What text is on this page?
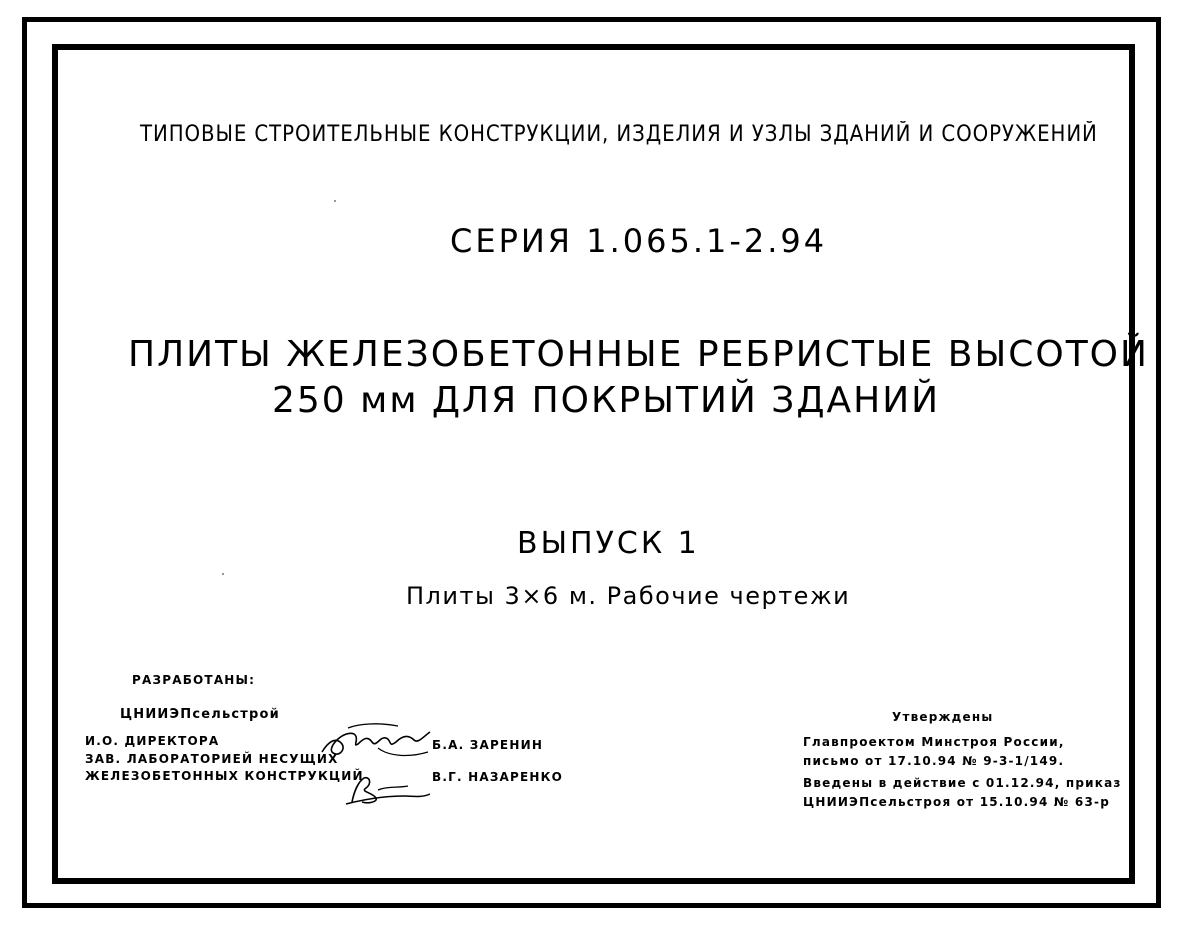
ТИПОВЫЕ СТРОИТЕЛЬНЫЕ КОНСТРУКЦИИ, ИЗДЕЛИЯ И УЗЛЫ ЗДАНИЙ И СООРУЖЕНИЙ
СЕРИЯ 1.065.1-2.94
ПЛИТЫ ЖЕЛЕЗОБЕТОННЫЕ РЕБРИСТЫЕ ВЫСОТОЙ
250 мм ДЛЯ ПОКРЫТИЙ ЗДАНИЙ
ВЫПУСК 1
Плиты 3×6 м. Рабочие чертежи
РАЗРАБОТАНЫ:
ЦНИИЭПсельстрой
И.О. ДИРЕКТОРА
ЗАВ. ЛАБОРАТОРИЕЙ НЕСУЩИХ
ЖЕЛЕЗОБЕТОННЫХ КОНСТРУКЦИЙ
Б.А. ЗАРЕНИН
В.Г. НАЗАРЕНКО
Утверждены
Главпроектом Минстроя России,
письмо от 17.10.94 № 9-3-1/149.
Введены в действие с 01.12.94, приказ
ЦНИИЭПсельстроя от 15.10.94 № 63-р
